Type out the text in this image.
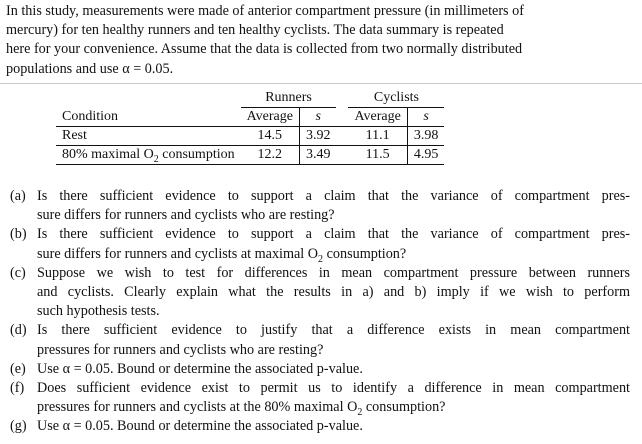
In this study, measurements were made of anterior compartment pressure (in millimeters of
mercury) for ten healthy runners and ten healthy cyclists. The data summary is repeated
here for your convenience. Assume that the data is collected from two normally distributed
populations and use α = 0.05.
	Runners			Cyclists	
Condition	Average	s		Average	s
Rest	14.5	3.92		11.1	3.98
80% maximal $O_2$ consumption	12.2	3.49		11.5	4.95
(a) Is there sufficient evidence to support a claim that the variance of compartment pres-
sure differs for runners and cyclists who are resting?
(b) Is there sufficient evidence to support a claim that the variance of compartment pres-
sure differs for runners and cyclists at maximal $O_2$ consumption?
(c) Suppose we wish to test for differences in mean compartment pressure between runners
and cyclists. Clearly explain what the results in a) and b) imply if we wish to perform
such hypothesis tests.
(d) Is there sufficient evidence to justify that a difference exists in mean compartment
pressures for runners and cyclists who are resting?
(e) Use α = 0.05. Bound or determine the associated p-value.
(f) Does sufficient evidence exist to permit us to identify a difference in mean compartment
pressures for runners and cyclists at the 80% maximal $O_2$ consumption?
(g) Use α = 0.05. Bound or determine the associated p-value.
